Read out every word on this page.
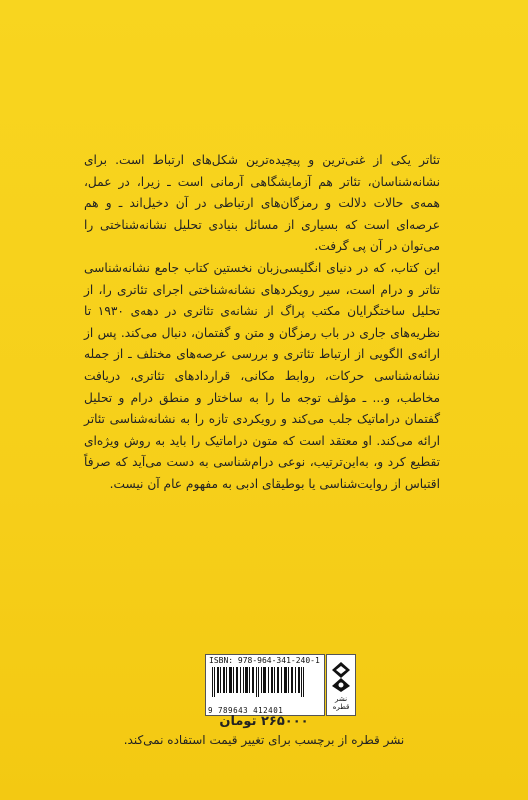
تئاتر یکی از غنی‌ترین و پیچیده‌ترین شکل‌های ارتباط است. برای نشانه‌شناسان، تئاتر هم آزمایشگاهی آرمانی است ـ زیرا، در عمل، همه‌ی حالات دلالت و رمزگان‌های ارتباطی در آن دخیل‌اند ـ و هم عرصه‌ای است که بسیاری از مسائل بنیادی تحلیل نشانه‌شناختی را می‌توان در آن پی گرفت.

این کتاب، که در دنیای انگلیسی‌زبان نخستین کتاب جامع نشانه‌شناسی تئاتر و درام است، سیر رویکردهای نشانه‌شناختی اجرای تئاتری را، از تحلیل ساختگرایان مکتب پراگ از نشانه‌ی تئاتری در دهه‌ی ۱۹۳۰ تا نظریه‌های جاری در باب رمزگان و متن و گفتمان، دنبال می‌کند. پس از ارائه‌ی الگویی از ارتباط تئاتری و بررسی عرصه‌های مختلف ـ از جمله نشانه‌شناسی حرکات، روابط مکانی، قراردادهای تئاتری، دریافت مخاطب، و... ـ مؤلف توجه ما را به ساختار و منطق درام و تحلیل گفتمان دراماتیک جلب می‌کند و رویکردی تازه را به نشانه‌شناسی تئاتر ارائه می‌کند. او معتقد است که متون دراماتیک را باید به روش ویژه‌ای تقطیع کرد و، به‌این‌ترتیب، نوعی درام‌شناسی به دست می‌آید که صرفاً اقتباس از روایت‌شناسی یا بوطیقای ادبی به مفهوم عام آن نیست.

ISBN: 978-964-341-240-1
9 789643 412401
نشر قطره
۲۶۵۰۰۰ تومان
نشر قطره از برچسب برای تغییر قیمت استفاده نمی‌کند.
